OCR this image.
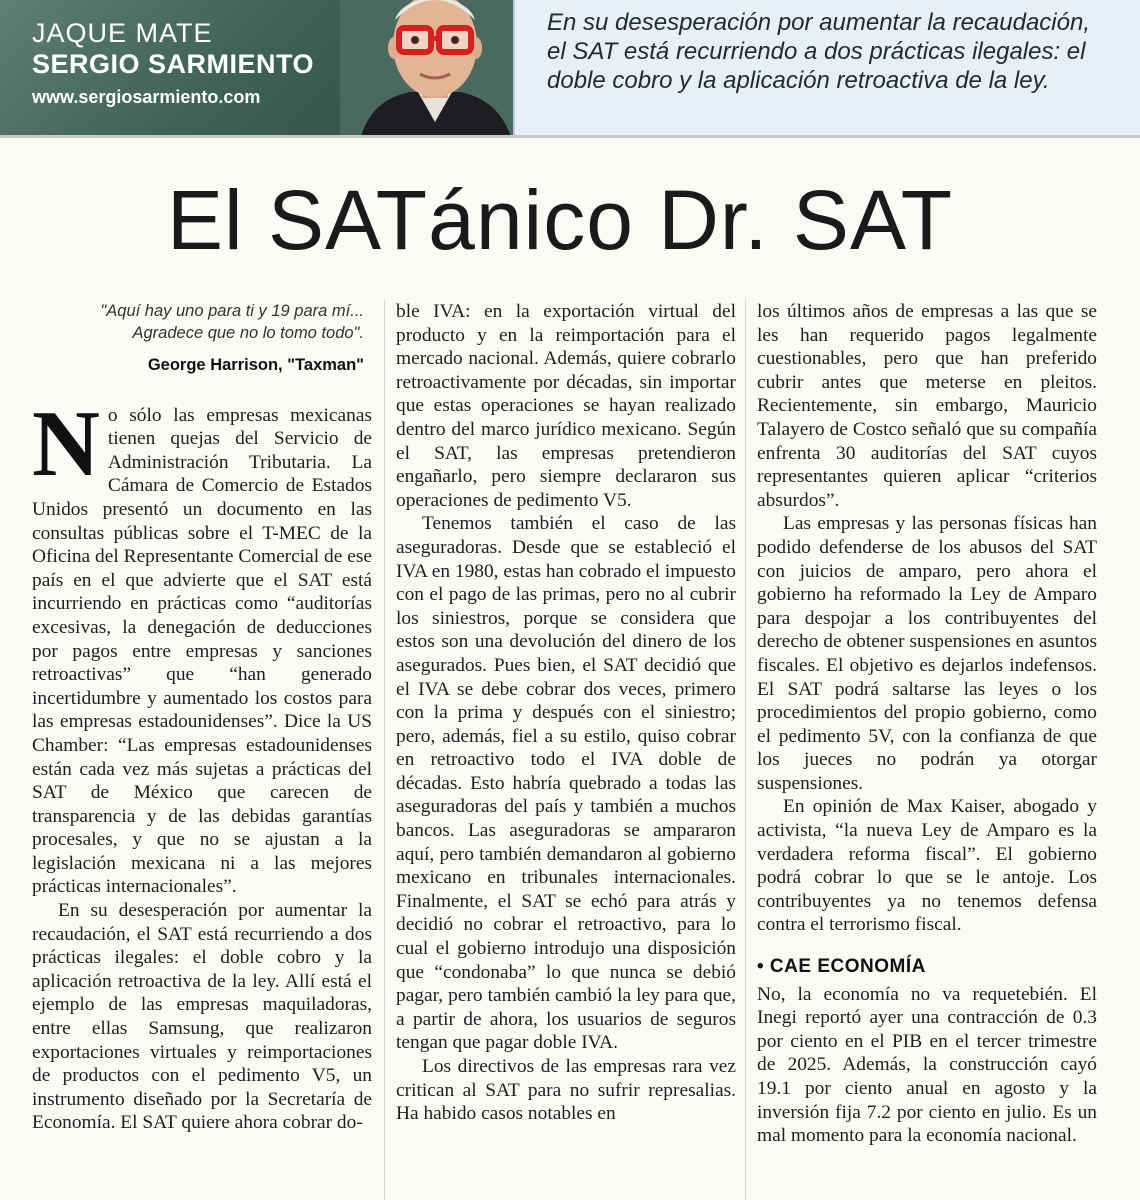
JAQUE MATE
SERGIO SARMIENTO
www.sergiosarmiento.com

En su desesperación por aumentar la recaudación, el SAT está recurriendo a dos prácticas ilegales: el doble cobro y la aplicación retroactiva de la ley.

El SATánico Dr. SAT
"Aquí hay uno para ti y 19 para mí...
Agradece que no lo tomo todo".
George Harrison, "Taxman"

No sólo las empresas mexicanas tienen quejas del Servicio de Administración Tributaria. La Cámara de Comercio de Estados Unidos presentó un documento en las consultas públicas sobre el T-MEC de la Oficina del Representante Comercial de ese país en el que advierte que el SAT está incurriendo en prácticas como “auditorías excesivas, la denegación de deducciones por pagos entre empresas y sanciones retroactivas” que “han generado incertidumbre y aumentado los costos para las empresas estadounidenses”. Dice la US Chamber: “Las empresas estadounidenses están cada vez más sujetas a prácticas del SAT de México que carecen de transparencia y de las debidas garantías procesales, y que no se ajustan a la legislación mexicana ni a las mejores prácticas internacionales”.

En su desesperación por aumentar la recaudación, el SAT está recurriendo a dos prácticas ilegales: el doble cobro y la aplicación retroactiva de la ley. Allí está el ejemplo de las empresas maquiladoras, entre ellas Samsung, que realizaron exportaciones virtuales y reimportaciones de productos con el pedimento V5, un instrumento diseñado por la Secretaría de Economía. El SAT quiere ahora cobrar do-

ble IVA: en la exportación virtual del producto y en la reimportación para el mercado nacional. Además, quiere cobrarlo retroactivamente por décadas, sin importar que estas operaciones se hayan realizado dentro del marco jurídico mexicano. Según el SAT, las empresas pretendieron engañarlo, pero siempre declararon sus operaciones de pedimento V5.

Tenemos también el caso de las aseguradoras. Desde que se estableció el IVA en 1980, estas han cobrado el impuesto con el pago de las primas, pero no al cubrir los siniestros, porque se considera que estos son una devolución del dinero de los asegurados. Pues bien, el SAT decidió que el IVA se debe cobrar dos veces, primero con la prima y después con el siniestro; pero, además, fiel a su estilo, quiso cobrar en retroactivo todo el IVA doble de décadas. Esto habría quebrado a todas las aseguradoras del país y también a muchos bancos. Las aseguradoras se ampararon aquí, pero también demandaron al gobierno mexicano en tribunales internacionales. Finalmente, el SAT se echó para atrás y decidió no cobrar el retroactivo, para lo cual el gobierno introdujo una disposición que “condonaba” lo que nunca se debió pagar, pero también cambió la ley para que, a partir de ahora, los usuarios de seguros tengan que pagar doble IVA.

Los directivos de las empresas rara vez critican al SAT para no sufrir represalias. Ha habido casos notables en

los últimos años de empresas a las que se les han requerido pagos legalmente cuestionables, pero que han preferido cubrir antes que meterse en pleitos. Recientemente, sin embargo, Mauricio Talayero de Costco señaló que su compañía enfrenta 30 auditorías del SAT cuyos representantes quieren aplicar “criterios absurdos”.

Las empresas y las personas físicas han podido defenderse de los abusos del SAT con juicios de amparo, pero ahora el gobierno ha reformado la Ley de Amparo para despojar a los contribuyentes del derecho de obtener suspensiones en asuntos fiscales. El objetivo es dejarlos indefensos. El SAT podrá saltarse las leyes o los procedimientos del propio gobierno, como el pedimento 5V, con la confianza de que los jueces no podrán ya otorgar suspensiones.

En opinión de Max Kaiser, abogado y activista, “la nueva Ley de Amparo es la verdadera reforma fiscal”. El gobierno podrá cobrar lo que se le antoje. Los contribuyentes ya no tenemos defensa contra el terrorismo fiscal.

• CAE ECONOMÍA

No, la economía no va requetebién. El Inegi reportó ayer una contracción de 0.3 por ciento en el PIB en el tercer trimestre de 2025. Además, la construcción cayó 19.1 por ciento anual en agosto y la inversión fija 7.2 por ciento en julio. Es un mal momento para la economía nacional.
